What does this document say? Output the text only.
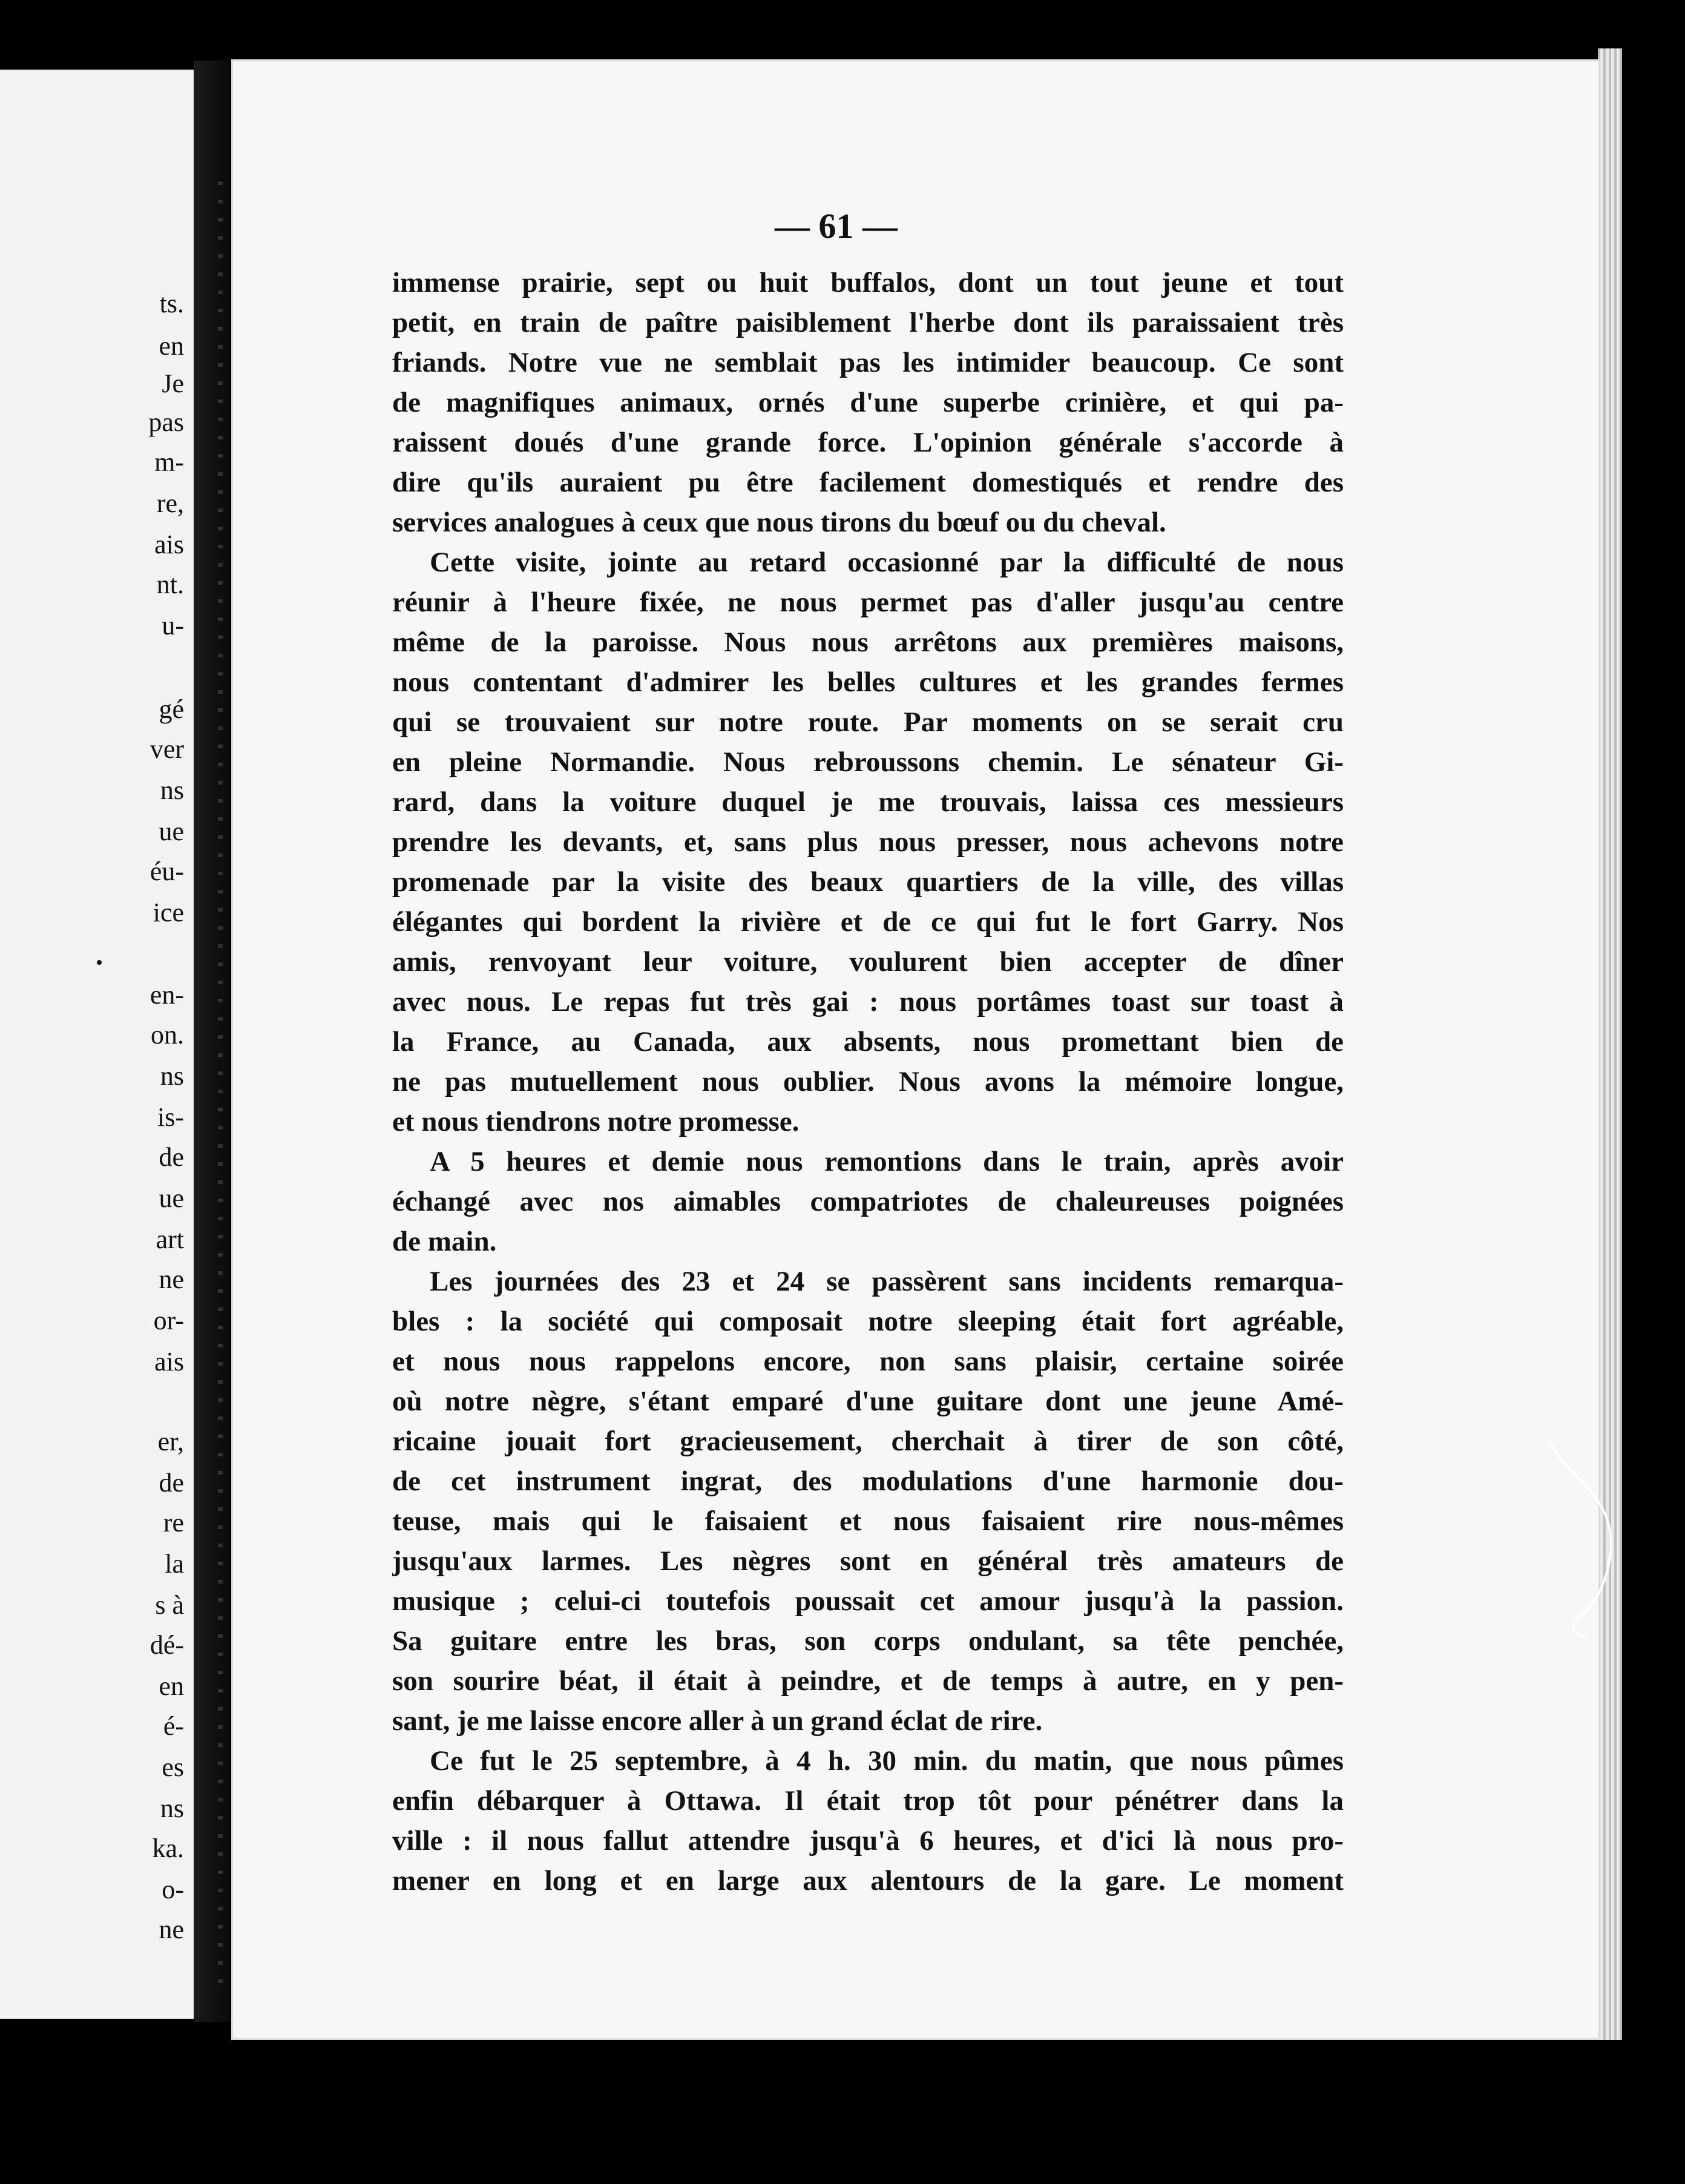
ts.
en
Je
pas
m-
re,
ais
nt.
u-
gé
ver
ns
ue
éu-
ice
en-
on.
ns
is-
de
ue
art
ne
or-
ais
er,
de
re
la
s à
dé-
en
é-
es
ns
ka.
o-
ne
— 61 —
immense prairie, sept ou huit buffalos, dont un tout jeune et tout
petit, en train de paître paisiblement l'herbe dont ils paraissaient très
friands. Notre vue ne semblait pas les intimider beaucoup. Ce sont
de magnifiques animaux, ornés d'une superbe crinière, et qui pa-
raissent doués d'une grande force. L'opinion générale s'accorde à
dire qu'ils auraient pu être facilement domestiqués et rendre des
services analogues à ceux que nous tirons du bœuf ou du cheval.
Cette visite, jointe au retard occasionné par la difficulté de nous
réunir à l'heure fixée, ne nous permet pas d'aller jusqu'au centre
même de la paroisse. Nous nous arrêtons aux premières maisons,
nous contentant d'admirer les belles cultures et les grandes fermes
qui se trouvaient sur notre route. Par moments on se serait cru
en pleine Normandie. Nous rebroussons chemin. Le sénateur Gi-
rard, dans la voiture duquel je me trouvais, laissa ces messieurs
prendre les devants, et, sans plus nous presser, nous achevons notre
promenade par la visite des beaux quartiers de la ville, des villas
élégantes qui bordent la rivière et de ce qui fut le fort Garry. Nos
amis, renvoyant leur voiture, voulurent bien accepter de dîner
avec nous. Le repas fut très gai : nous portâmes toast sur toast à
la France, au Canada, aux absents, nous promettant bien de
ne pas mutuellement nous oublier. Nous avons la mémoire longue,
et nous tiendrons notre promesse.
A 5 heures et demie nous remontions dans le train, après avoir
échangé avec nos aimables compatriotes de chaleureuses poignées
de main.
Les journées des 23 et 24 se passèrent sans incidents remarqua-
bles : la société qui composait notre sleeping était fort agréable,
et nous nous rappelons encore, non sans plaisir, certaine soirée
où notre nègre, s'étant emparé d'une guitare dont une jeune Amé-
ricaine jouait fort gracieusement, cherchait à tirer de son côté,
de cet instrument ingrat, des modulations d'une harmonie dou-
teuse, mais qui le faisaient et nous faisaient rire nous-mêmes
jusqu'aux larmes. Les nègres sont en général très amateurs de
musique ; celui-ci toutefois poussait cet amour jusqu'à la passion.
Sa guitare entre les bras, son corps ondulant, sa tête penchée,
son sourire béat, il était à peindre, et de temps à autre, en y pen-
sant, je me laisse encore aller à un grand éclat de rire.
Ce fut le 25 septembre, à 4 h. 30 min. du matin, que nous pûmes
enfin débarquer à Ottawa. Il était trop tôt pour pénétrer dans la
ville : il nous fallut attendre jusqu'à 6 heures, et d'ici là nous pro-
mener en long et en large aux alentours de la gare. Le moment
